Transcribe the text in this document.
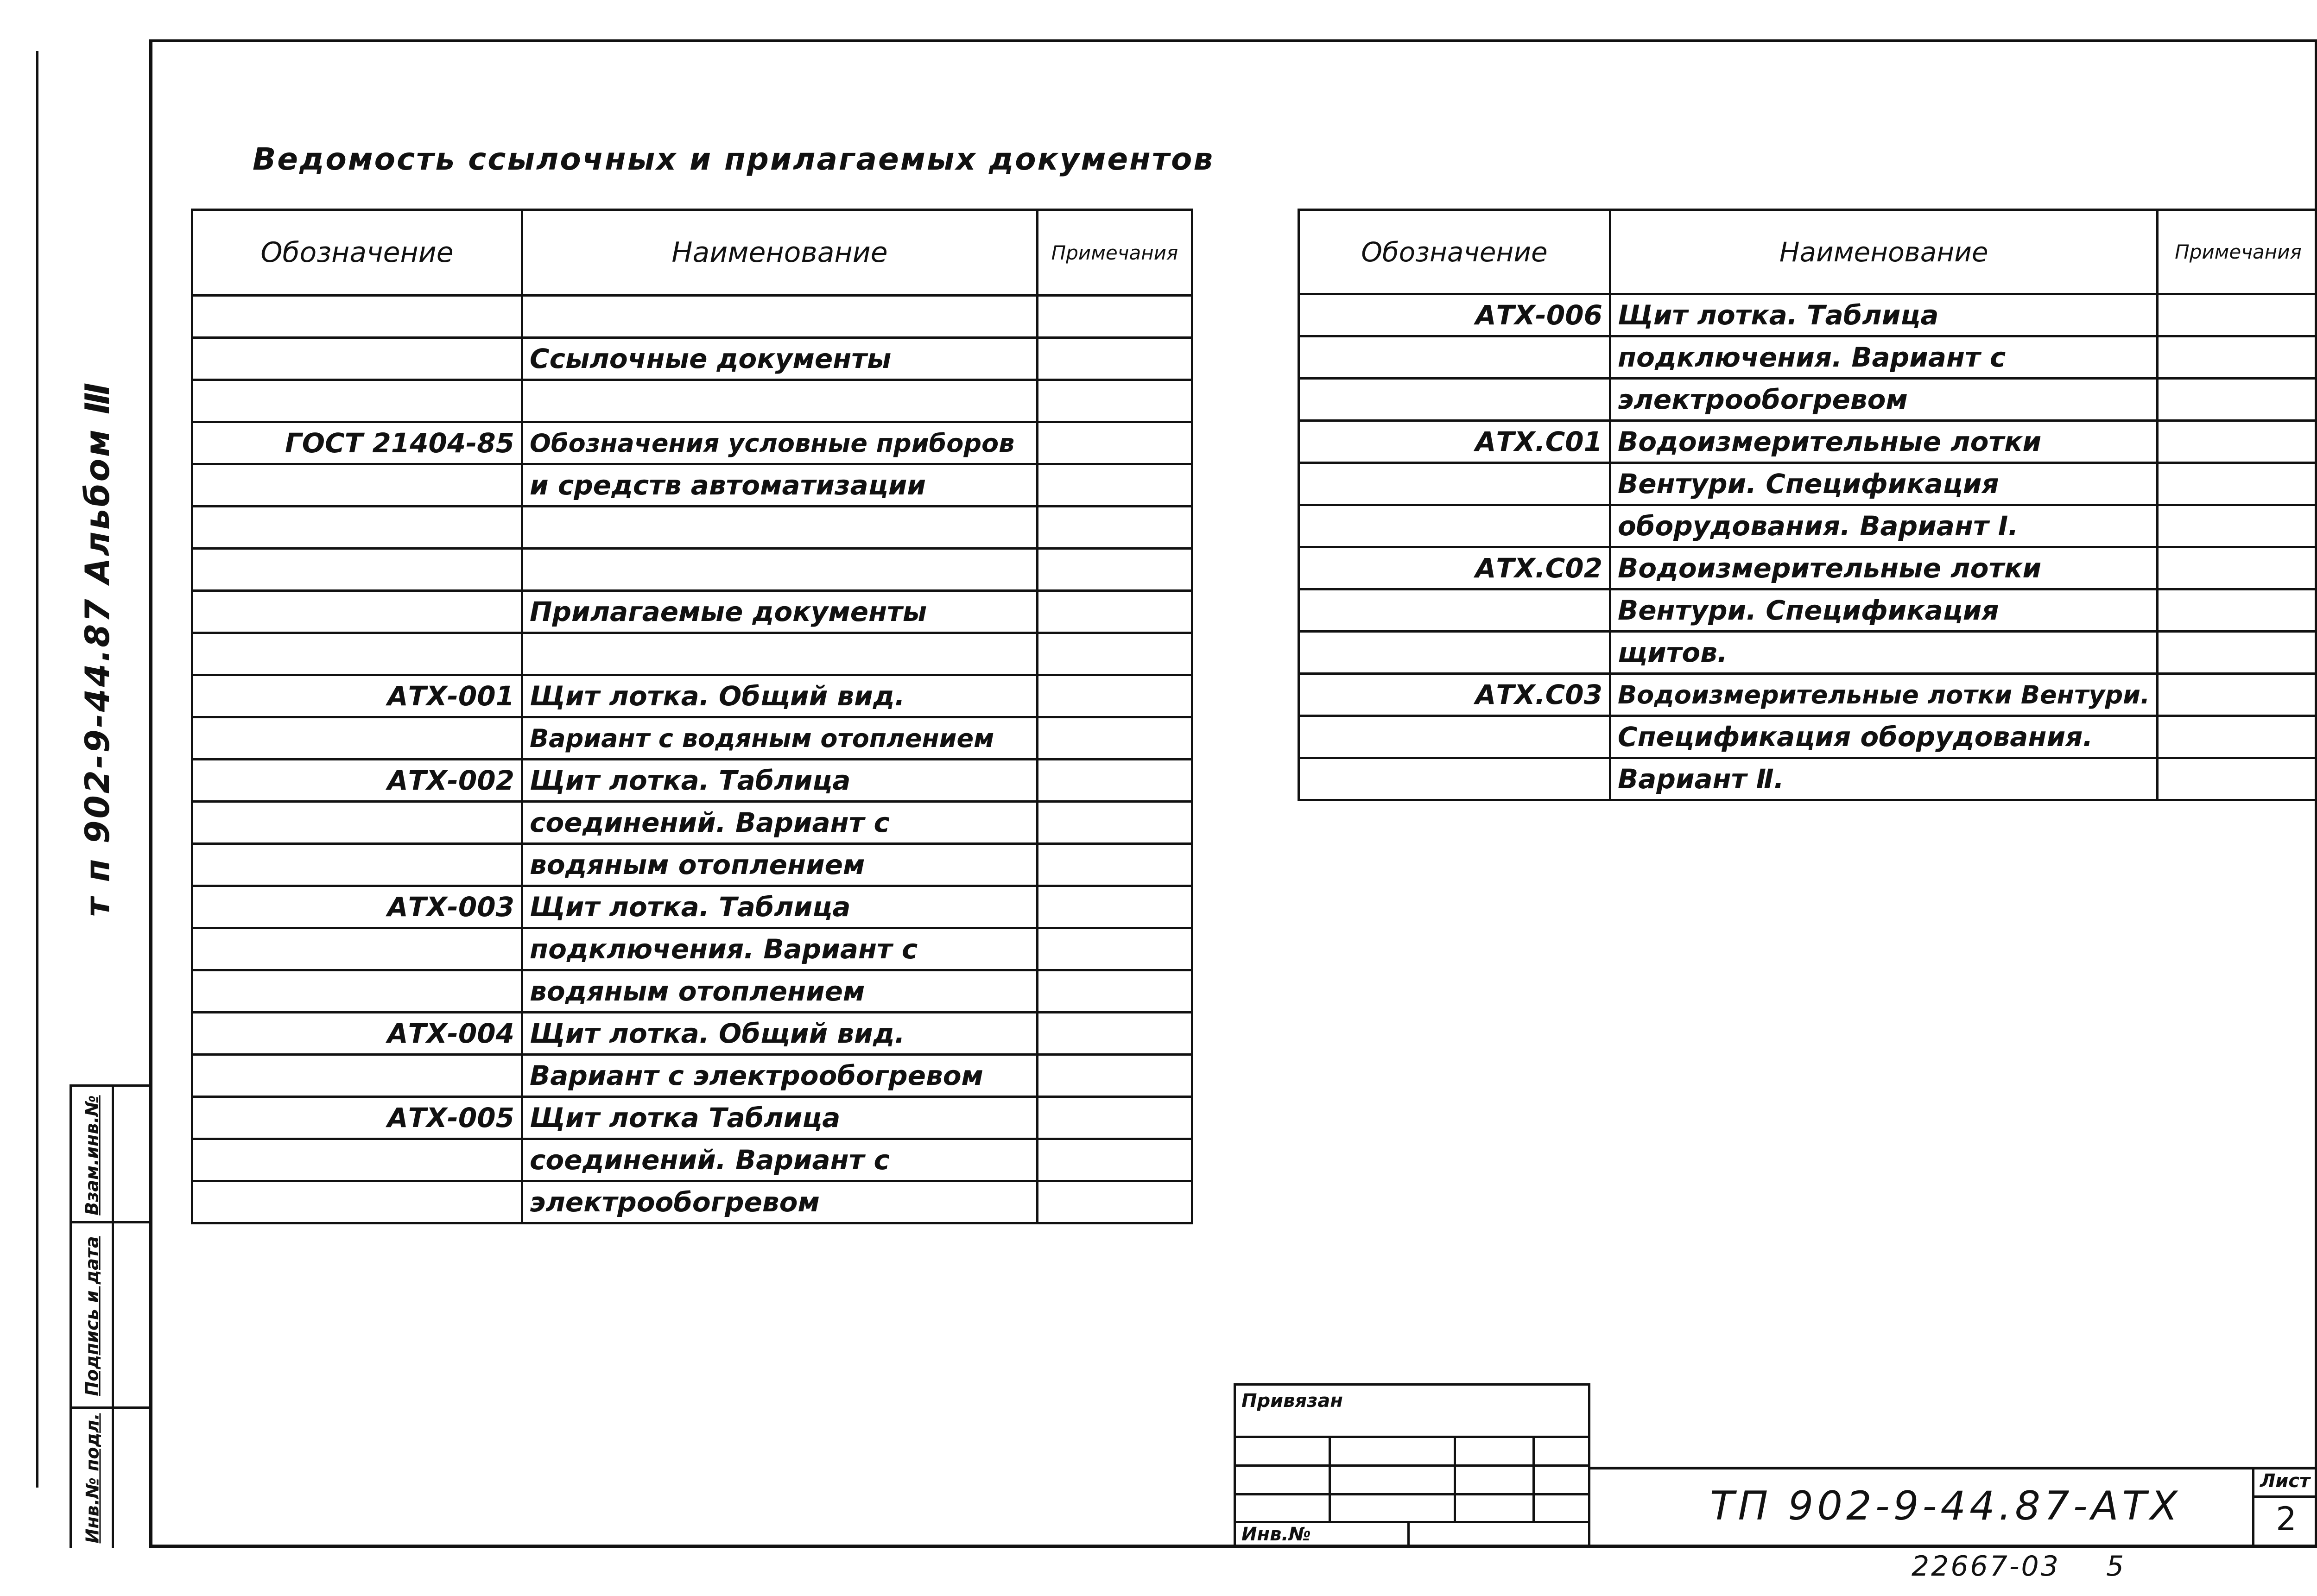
т п 902-9-44.87 Альбом Ⅲ
Взам.инв.№
Подпись и дата
Инв.№ подл.
Ведомость ссылочных и прилагаемых документов
Обозначение	Наименование	Примечания

	Ссылочные документы	

ГОСТ 21404-85	Обозначения условные приборов	
	и средств автоматизации	

	Прилагаемые документы	

АТХ-001	Щит лотка. Общий вид.	
	Вариант с водяным отоплением	
АТХ-002	Щит лотка. Таблица	
	соединений. Вариант с	
	водяным отоплением	
АТХ-003	Щит лотка. Таблица	
	подключения. Вариант с	
	водяным отоплением	
АТХ-004	Щит лотка. Общий вид.	
	Вариант с электрообогревом	
АТХ-005	Щит лотка Таблица	
	соединений. Вариант с	
	электрообогревом	
Обозначение	Наименование	Примечания
АТХ-006	Щит лотка. Таблица	
	подключения. Вариант с	
	электрообогревом	
АТХ.С01	Водоизмерительные лотки	
	Вентури. Спецификация	
	оборудования. Вариант Ⅰ.	
АТХ.С02	Водоизмерительные лотки	
	Вентури. Спецификация	
	щитов.	
АТХ.С03	Водоизмерительные лотки Вентури.	
	Спецификация оборудования.	
	Вариант Ⅱ.	
Привязан
Инв.№
ТП 902-9-44.87-АТХ
Лист
2
22667-03 5
